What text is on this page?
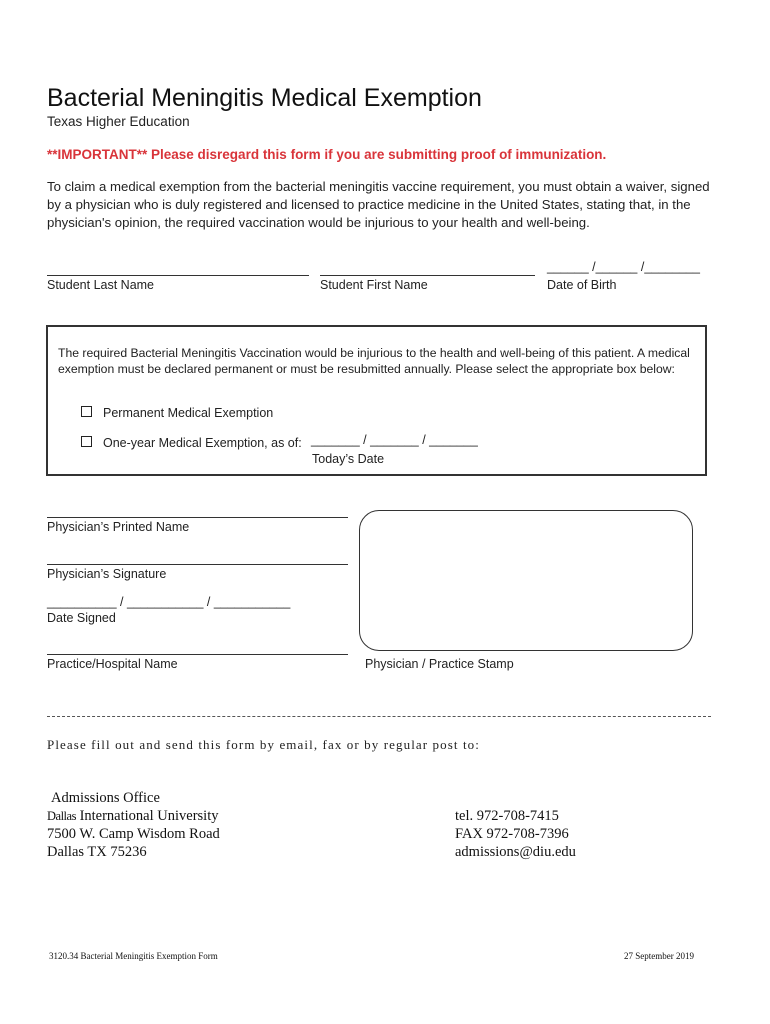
Bacterial Meningitis Medical Exemption
Texas Higher Education
**IMPORTANT** Please disregard this form if you are submitting proof of immunization.
To claim a medical exemption from the bacterial meningitis vaccine requirement, you must obtain a waiver, signed by a physician who is duly registered and licensed to practice medicine in the United States, stating that, in the physician's opinion, the required vaccination would be injurious to your health and well-being.
Student Last Name	Student First Name
______ /______ /________
Date of Birth
The required Bacterial Meningitis Vaccination would be injurious to the health and well-being of this patient. A medical exemption must be declared permanent or must be resubmitted annually. Please select the appropriate box below:
Permanent Medical Exemption
One-year Medical Exemption, as of: _______ / _______ / _______
Today’s Date
Physician’s Printed Name
Physician’s Signature
__________ / ___________ / ___________
Date Signed
Practice/Hospital Name	Physician / Practice Stamp
Please fill out and send this form by email, fax or by regular post to:
Admissions Office
Dallas International University
7500 W. Camp Wisdom Road
Dallas TX 75236
tel. 972-708-7415
FAX 972-708-7396
admissions@diu.edu
3120.34 Bacterial Meningitis Exemption Form	27 September 2019
